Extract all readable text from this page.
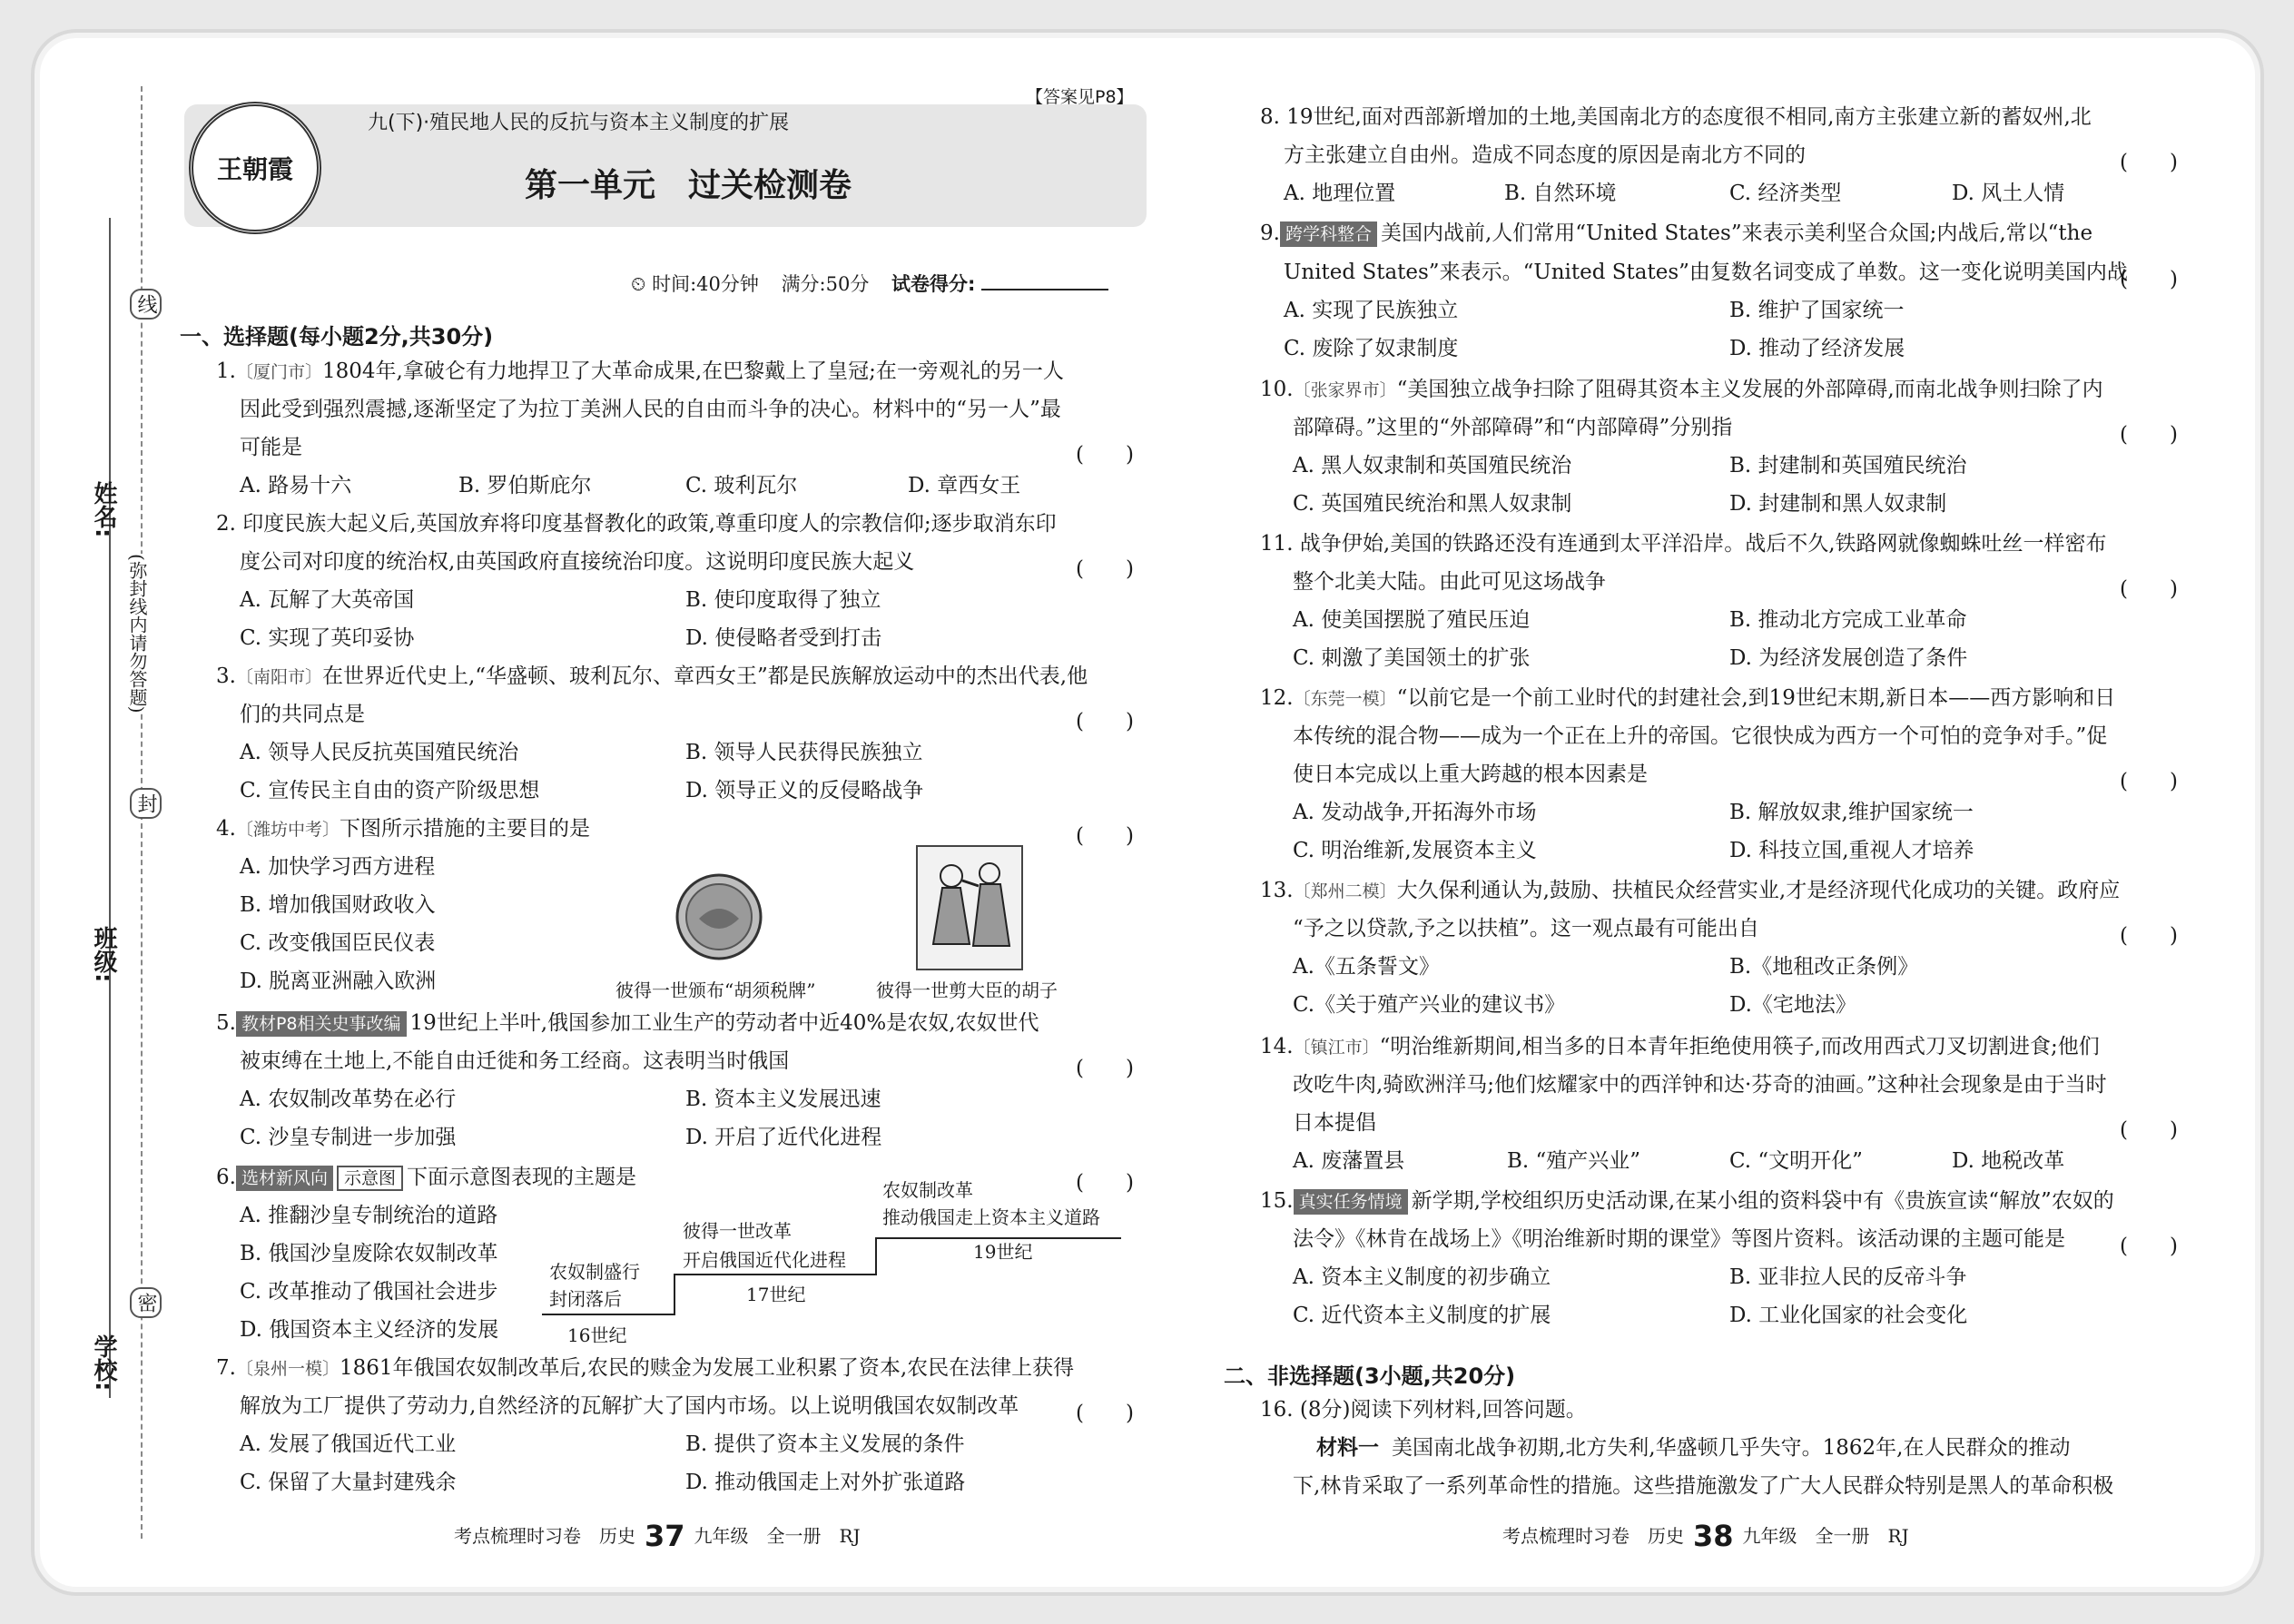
姓名:
班级:
学校:
线
(弥封线内请勿答题)
封
密
王朝霞
九(下)·殖民地人民的反抗与资本主义制度的扩展
【答案见P8】
第一单元　过关检测卷
⏲ 时间:40分钟 满分:50分 试卷得分:
一、选择题(每小题2分,共30分)
1.〔厦门市〕1804年,拿破仑有力地捍卫了大革命成果,在巴黎戴上了皇冠;在一旁观礼的另一人
因此受到强烈震撼,逐渐坚定了为拉丁美洲人民的自由而斗争的决心。材料中的“另一人”最
可能是	(　　)
A. 路易十六	B. 罗伯斯庇尔	C. 玻利瓦尔	D. 章西女王
2. 印度民族大起义后,英国放弃将印度基督教化的政策,尊重印度人的宗教信仰;逐步取消东印
度公司对印度的统治权,由英国政府直接统治印度。这说明印度民族大起义	(　　)
A. 瓦解了大英帝国	B. 使印度取得了独立
C. 实现了英印妥协	D. 使侵略者受到打击
3.〔南阳市〕在世界近代史上,“华盛顿、玻利瓦尔、章西女王”都是民族解放运动中的杰出代表,他
们的共同点是	(　　)
A. 领导人民反抗英国殖民统治	B. 领导人民获得民族独立
C. 宣传民主自由的资产阶级思想	D. 领导正义的反侵略战争
4.〔潍坊中考〕下图所示措施的主要目的是	(　　)
A. 加快学习西方进程
B. 增加俄国财政收入
C. 改变俄国臣民仪表
D. 脱离亚洲融入欧洲	彼得一世颁布“胡须税牌”	彼得一世剪大臣的胡子
5. 教材P8相关史事改编 19世纪上半叶,俄国参加工业生产的劳动者中近40%是农奴,农奴世代
被束缚在土地上,不能自由迁徙和务工经商。这表明当时俄国	(　　)
A. 农奴制改革势在必行	B. 资本主义发展迅速
C. 沙皇专制进一步加强	D. 开启了近代化进程
6. 选材新风向 示意图 下面示意图表现的主题是	(　　)
A. 推翻沙皇专制统治的道路
B. 俄国沙皇废除农奴制改革
C. 改革推动了俄国社会进步
D. 俄国资本主义经济的发展
农奴制盛行
封闭落后
16世纪
彼得一世改革
开启俄国近代化进程
17世纪
农奴制改革
推动俄国走上资本主义道路
19世纪
7.〔泉州一模〕1861年俄国农奴制改革后,农民的赎金为发展工业积累了资本,农民在法律上获得
解放为工厂提供了劳动力,自然经济的瓦解扩大了国内市场。以上说明俄国农奴制改革	(　　)
A. 发展了俄国近代工业	B. 提供了资本主义发展的条件
C. 保留了大量封建残余	D. 推动俄国走上对外扩张道路
考点梳理时习卷　历史 37 九年级　全一册　RJ
8. 19世纪,面对西部新增加的土地,美国南北方的态度很不相同,南方主张建立新的蓄奴州,北
方主张建立自由州。造成不同态度的原因是南北方不同的	(　　)
A. 地理位置	B. 自然环境	C. 经济类型	D. 风土人情
9. 跨学科整合 美国内战前,人们常用“United States”来表示美利坚合众国;内战后,常以“the
United States”来表示。“United States”由复数名词变成了单数。这一变化说明美国内战
(　　)
A. 实现了民族独立	B. 维护了国家统一
C. 废除了奴隶制度	D. 推动了经济发展
10.〔张家界市〕“美国独立战争扫除了阻碍其资本主义发展的外部障碍,而南北战争则扫除了内
部障碍。”这里的“外部障碍”和“内部障碍”分别指	(　　)
A. 黑人奴隶制和英国殖民统治	B. 封建制和英国殖民统治
C. 英国殖民统治和黑人奴隶制	D. 封建制和黑人奴隶制
11. 战争伊始,美国的铁路还没有连通到太平洋沿岸。战后不久,铁路网就像蜘蛛吐丝一样密布
整个北美大陆。由此可见这场战争	(　　)
A. 使美国摆脱了殖民压迫	B. 推动北方完成工业革命
C. 刺激了美国领土的扩张	D. 为经济发展创造了条件
12.〔东莞一模〕“以前它是一个前工业时代的封建社会,到19世纪末期,新日本——西方影响和日
本传统的混合物——成为一个正在上升的帝国。它很快成为西方一个可怕的竞争对手。”促
使日本完成以上重大跨越的根本因素是	(　　)
A. 发动战争,开拓海外市场	B. 解放奴隶,维护国家统一
C. 明治维新,发展资本主义	D. 科技立国,重视人才培养
13.〔郑州二模〕大久保利通认为,鼓励、扶植民众经营实业,才是经济现代化成功的关键。政府应
“予之以贷款,予之以扶植”。这一观点最有可能出自	(　　)
A.《五条誓文》	B.《地租改正条例》
C.《关于殖产兴业的建议书》	D.《宅地法》
14.〔镇江市〕“明治维新期间,相当多的日本青年拒绝使用筷子,而改用西式刀叉切割进食;他们
改吃牛肉,骑欧洲洋马;他们炫耀家中的西洋钟和达·芬奇的油画。”这种社会现象是由于当时
日本提倡	(　　)
A. 废藩置县	B. “殖产兴业”	C. “文明开化”	D. 地税改革
15. 真实任务情境 新学期,学校组织历史活动课,在某小组的资料袋中有《贵族宣读“解放”农奴的
法令》《林肯在战场上》《明治维新时期的课堂》等图片资料。该活动课的主题可能是	(　　)
A. 资本主义制度的初步确立	B. 亚非拉人民的反帝斗争
C. 近代资本主义制度的扩展	D. 工业化国家的社会变化
二、非选择题(3小题,共20分)
16. (8分)阅读下列材料,回答问题。
材料一 美国南北战争初期,北方失利,华盛顿几乎失守。1862年,在人民群众的推动
下,林肯采取了一系列革命性的措施。这些措施激发了广大人民群众特别是黑人的革命积极
考点梳理时习卷　历史 38 九年级　全一册　RJ
